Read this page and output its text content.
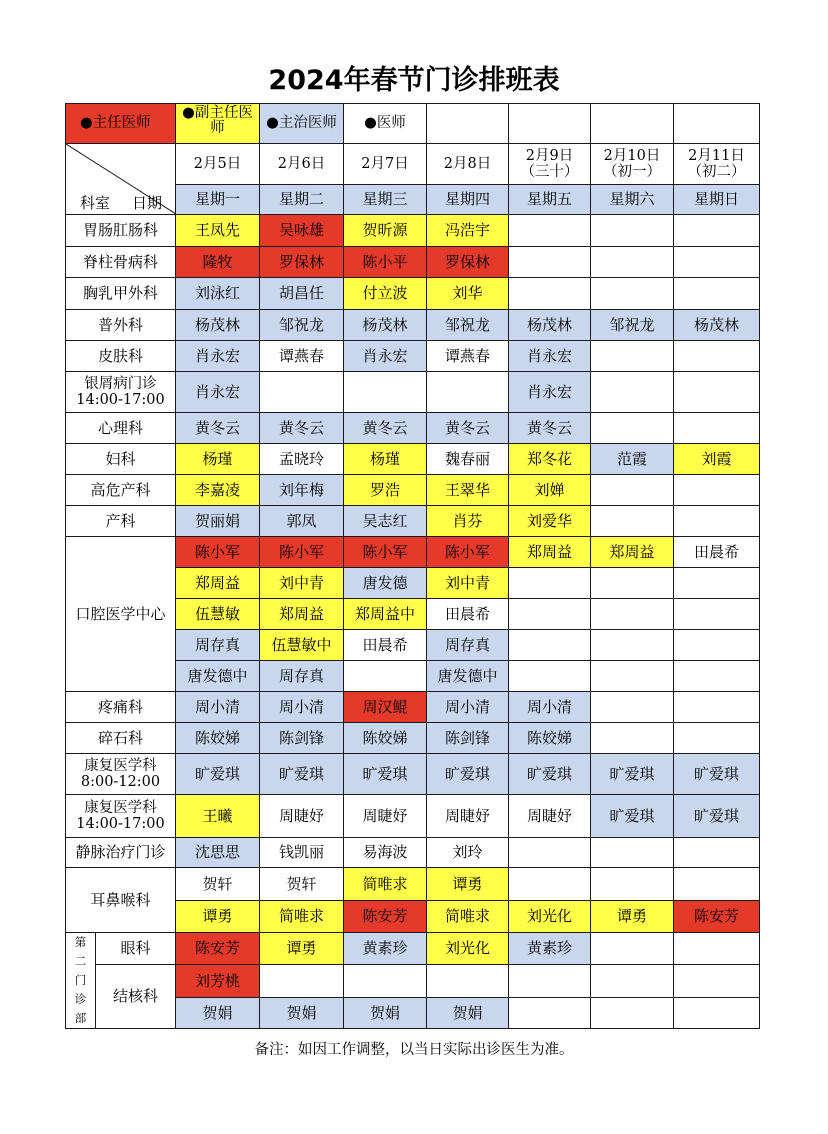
2024年春节门诊排班表
●主任医师		●副主任医师	●主治医师	●医师				

科室 日期		2月5日	2月6日	2月7日	2月8日	2月9日 （三十）	2月10日 （初一）	2月11日 （初二）
		星期一	星期二	星期三	星期四	星期五	星期六	星期日
胃肠肛肠科		王凤先	吴咏雄	贺昕源	冯浩宇			
脊柱骨病科		隆牧	罗保林	陈小平	罗保林			
胸乳甲外科		刘泳红	胡昌任	付立波	刘华			
普外科		杨茂林	邹祝龙	杨茂林	邹祝龙	杨茂林	邹祝龙	杨茂林
皮肤科		肖永宏	谭燕春	肖永宏	谭燕春	肖永宏		
银屑病门诊 14:00-17:00		肖永宏				肖永宏		
心理科		黄冬云	黄冬云	黄冬云	黄冬云	黄冬云		
妇科		杨瑾	孟晓玲	杨瑾	魏春丽	郑冬花	范霞	刘霞
高危产科		李嘉凌	刘年梅	罗浩	王翠华	刘婵		
产科		贺丽娟	郭凤	吴志红	肖芬	刘爱华		
口腔医学中心		陈小军	陈小军	陈小军	陈小军	郑周益	郑周益	田晨希
		郑周益	刘中青	唐发德	刘中青			
		伍慧敏	郑周益	郑周益中	田晨希			
		周存真	伍慧敏中	田晨希	周存真			
		唐发德中	周存真		唐发德中			
疼痛科		周小清	周小清	周汉鲲	周小清	周小清		
碎石科		陈姣娣	陈剑锋	陈姣娣	陈剑锋	陈姣娣		
康复医学科 8:00-12:00		旷爱琪	旷爱琪	旷爱琪	旷爱琪	旷爱琪	旷爱琪	旷爱琪
康复医学科 14:00-17:00		王曦	周睫妤	周睫妤	周睫妤	周睫妤	旷爱琪	旷爱琪
静脉治疗门诊		沈思思	钱凯丽	易海波	刘玲			
耳鼻喉科		贺轩	贺轩	简唯求	谭勇			
		谭勇	简唯求	陈安芳	简唯求	刘光化	谭勇	陈安芳

第
二
门
诊
部	眼科	陈安芳	谭勇	黄素珍	刘光化	黄素珍		
	结核科	刘芳桃						
		贺娟	贺娟	贺娟	贺娟			
备注：如因工作调整，以当日实际出诊医生为准。
